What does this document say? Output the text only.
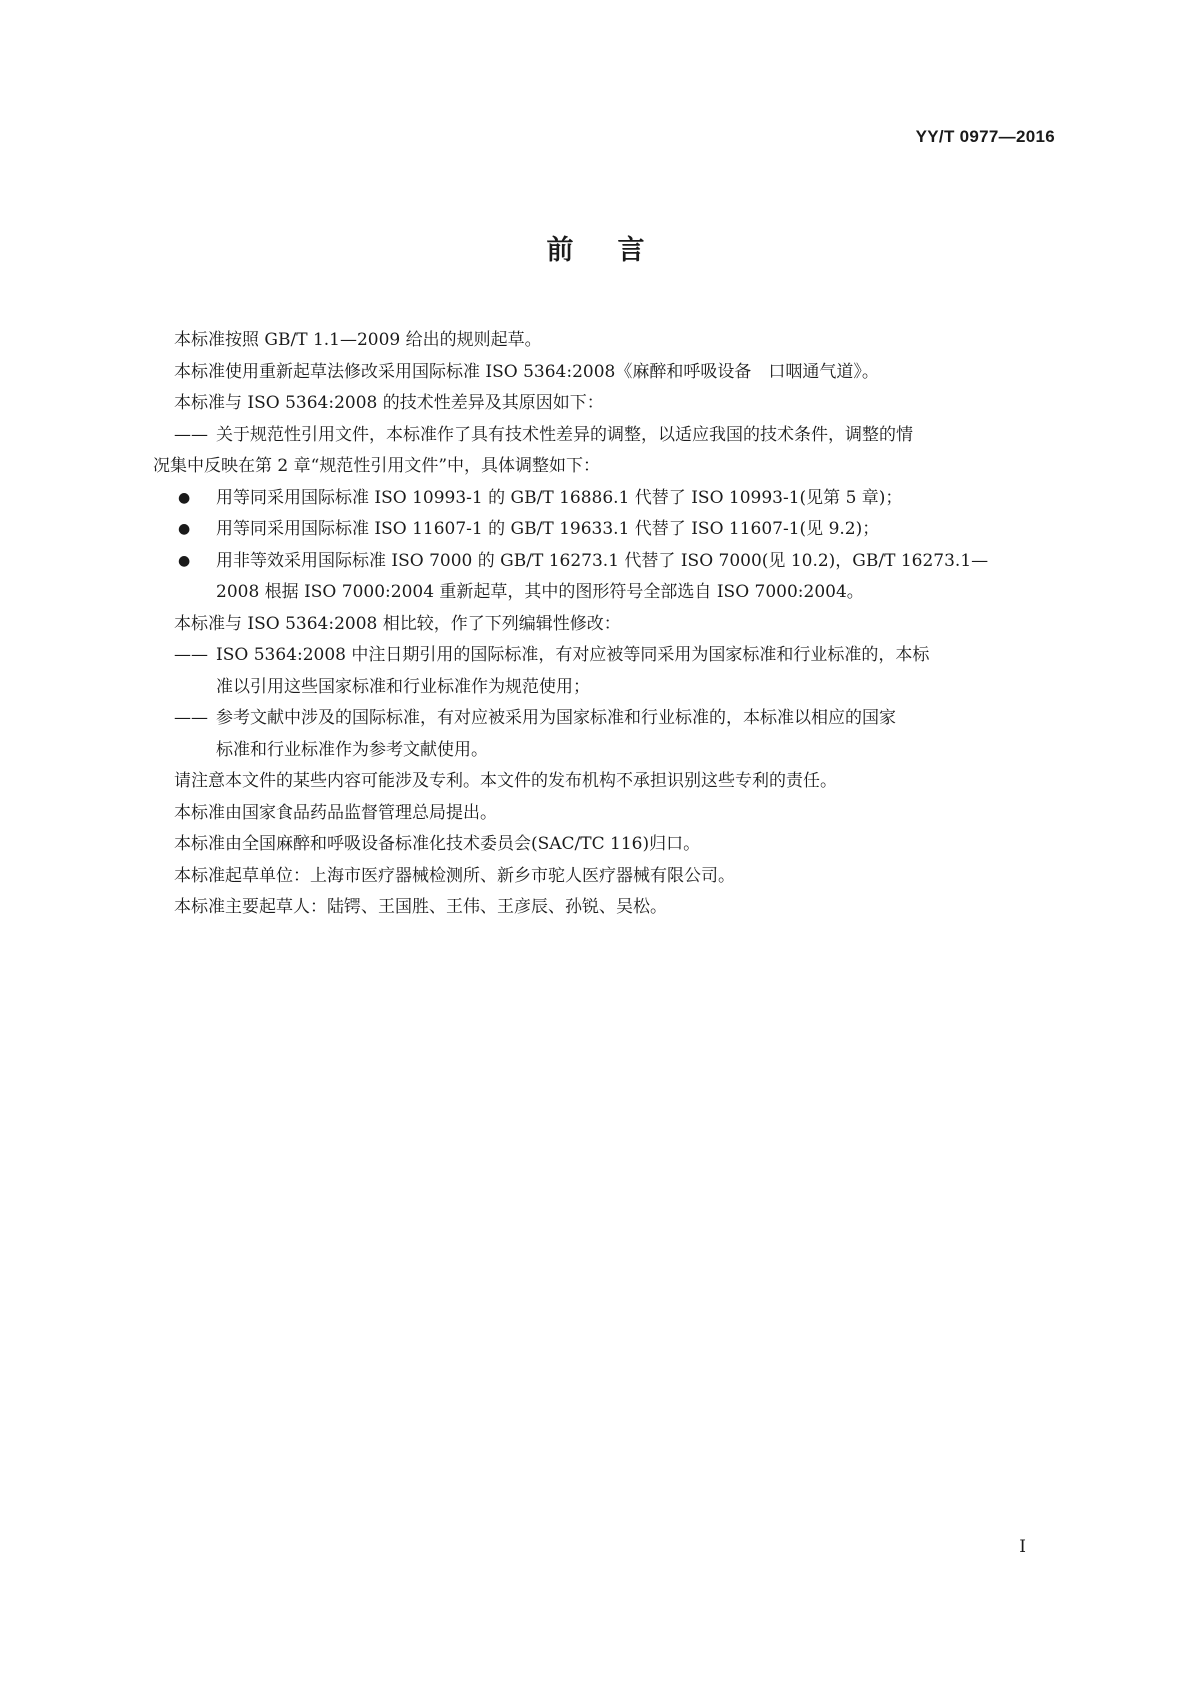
YY/T 0977—2016
前言

本标准按照 GB/T 1.1—2009 给出的规则起草。

本标准使用重新起草法修改采用国际标准 ISO 5364:2008《麻醉和呼吸设备　口咽通气道》。

本标准与 ISO 5364:2008 的技术性差异及其原因如下：

—— 关于规范性引用文件，本标准作了具有技术性差异的调整，以适应我国的技术条件，调整的情

况集中反映在第 2 章“规范性引用文件”中，具体调整如下：

● 用等同采用国际标准 ISO 10993-1 的 GB/T 16886.1 代替了 ISO 10993-1(见第 5 章)；

● 用等同采用国际标准 ISO 11607-1 的 GB/T 19633.1 代替了 ISO 11607-1(见 9.2)；

● 用非等效采用国际标准 ISO 7000 的 GB/T 16273.1 代替了 ISO 7000(见 10.2)，GB/T 16273.1—

2008 根据 ISO 7000:2004 重新起草，其中的图形符号全部选自 ISO 7000:2004。

本标准与 ISO 5364:2008 相比较，作了下列编辑性修改：

—— ISO 5364:2008 中注日期引用的国际标准，有对应被等同采用为国家标准和行业标准的，本标

准以引用这些国家标准和行业标准作为规范使用；

—— 参考文献中涉及的国际标准，有对应被采用为国家标准和行业标准的，本标准以相应的国家

标准和行业标准作为参考文献使用。

请注意本文件的某些内容可能涉及专利。本文件的发布机构不承担识别这些专利的责任。

本标准由国家食品药品监督管理总局提出。

本标准由全国麻醉和呼吸设备标准化技术委员会(SAC/TC 116)归口。

本标准起草单位：上海市医疗器械检测所、新乡市驼人医疗器械有限公司。

本标准主要起草人：陆锷、王国胜、王伟、王彦辰、孙锐、吴松。

I
